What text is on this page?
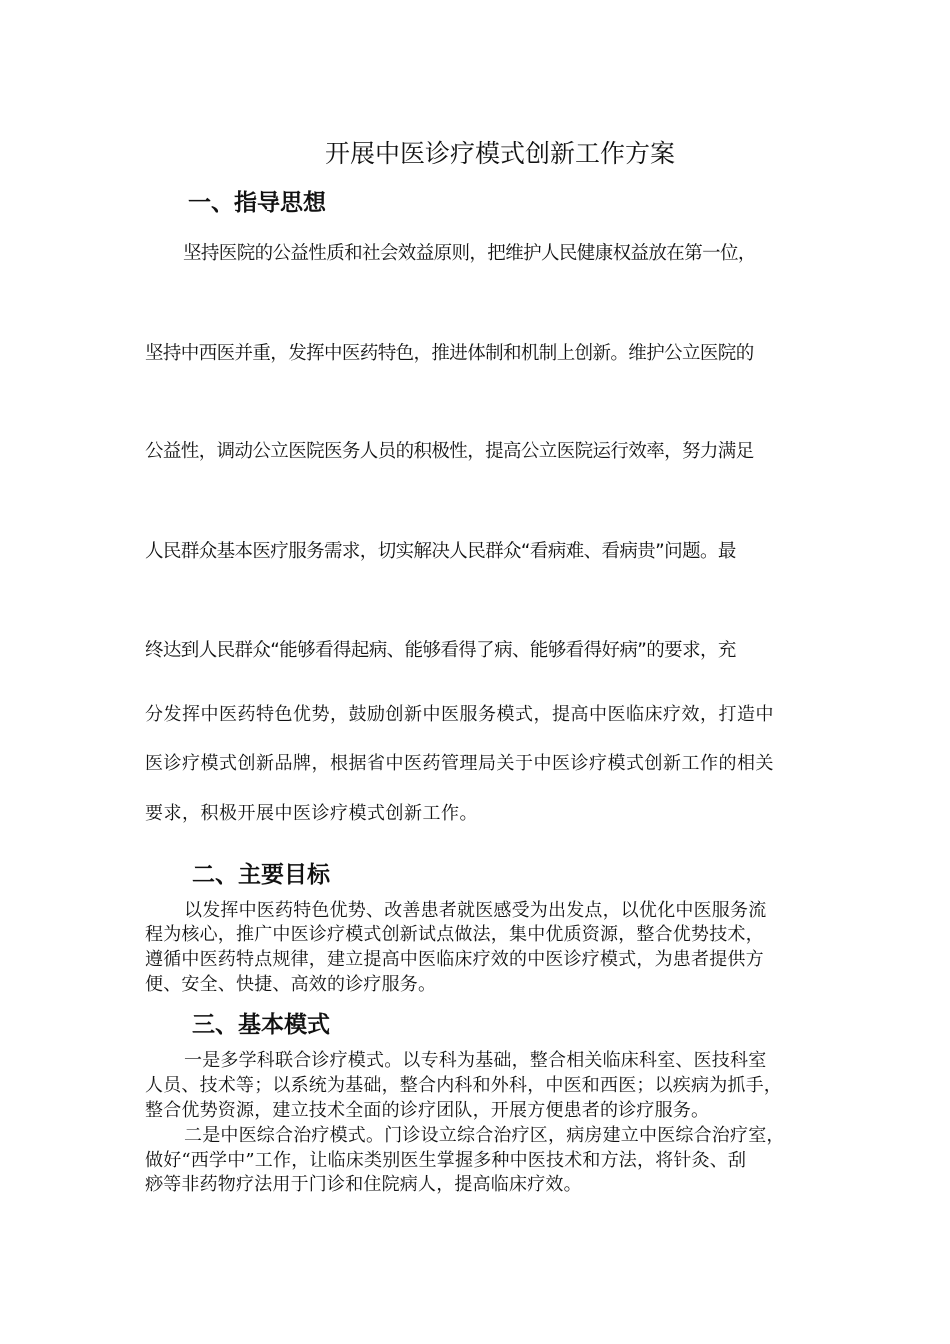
开展中医诊疗模式创新工作方案
一、指导思想
坚持医院的公益性质和社会效益原则，把维护人民健康权益放在第一位，
坚持中西医并重，发挥中医药特色，推进体制和机制上创新。维护公立医院的
公益性，调动公立医院医务人员的积极性，提高公立医院运行效率，努力满足
人民群众基本医疗服务需求，切实解决人民群众“看病难、看病贵”问题。最
终达到人民群众“能够看得起病、能够看得了病、能够看得好病”的要求，充
分发挥中医药特色优势，鼓励创新中医服务模式，提高中医临床疗效，打造中
医诊疗模式创新品牌，根据省中医药管理局关于中医诊疗模式创新工作的相关
要求，积极开展中医诊疗模式创新工作。
二、主要目标
以发挥中医药特色优势、改善患者就医感受为出发点，以优化中医服务流
程为核心，推广中医诊疗模式创新试点做法，集中优质资源，整合优势技术，
遵循中医药特点规律，建立提高中医临床疗效的中医诊疗模式，为患者提供方
便、安全、快捷、高效的诊疗服务。
三、基本模式
一是多学科联合诊疗模式。以专科为基础，整合相关临床科室、医技科室
人员、技术等；以系统为基础，整合内科和外科，中医和西医；以疾病为抓手，
整合优势资源，建立技术全面的诊疗团队，开展方便患者的诊疗服务。
二是中医综合治疗模式。门诊设立综合治疗区，病房建立中医综合治疗室，
做好“西学中”工作，让临床类别医生掌握多种中医技术和方法，将针灸、刮
痧等非药物疗法用于门诊和住院病人，提高临床疗效。
